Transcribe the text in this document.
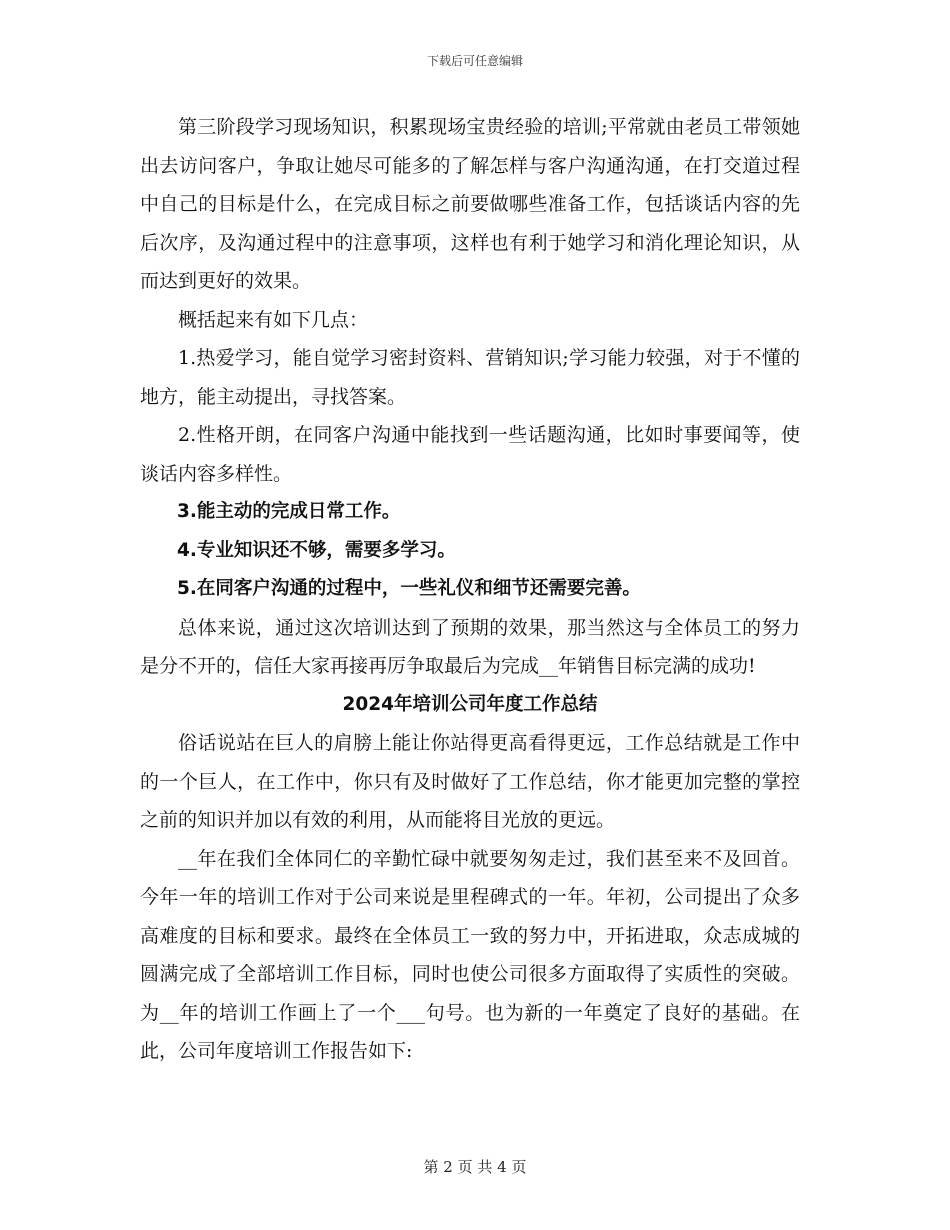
下载后可任意编辑

第三阶段学习现场知识，积累现场宝贵经验的培训;平常就由老员工带领她出去访问客户，争取让她尽可能多的了解怎样与客户沟通沟通，在打交道过程中自己的目标是什么，在完成目标之前要做哪些准备工作，包括谈话内容的先后次序，及沟通过程中的注意事项，这样也有利于她学习和消化理论知识，从而达到更好的效果。

概括起来有如下几点：

1.热爱学习，能自觉学习密封资料、营销知识;学习能力较强，对于不懂的地方，能主动提出，寻找答案。

2.性格开朗，在同客户沟通中能找到一些话题沟通，比如时事要闻等，使谈话内容多样性。

3.能主动的完成日常工作。

4.专业知识还不够，需要多学习。

5.在同客户沟通的过程中，一些礼仪和细节还需要完善。

总体来说，通过这次培训达到了预期的效果，那当然这与全体员工的努力是分不开的，信任大家再接再厉争取最后为完成__年销售目标完满的成功!

2024年培训公司年度工作总结

俗话说站在巨人的肩膀上能让你站得更高看得更远，工作总结就是工作中的一个巨人，在工作中，你只有及时做好了工作总结，你才能更加完整的掌控之前的知识并加以有效的利用，从而能将目光放的更远。

__年在我们全体同仁的辛勤忙碌中就要匆匆走过，我们甚至来不及回首。今年一年的培训工作对于公司来说是里程碑式的一年。年初，公司提出了众多高难度的目标和要求。最终在全体员工一致的努力中，开拓进取，众志成城的圆满完成了全部培训工作目标，同时也使公司很多方面取得了实质性的突破。为__年的培训工作画上了一个___句号。也为新的一年奠定了良好的基础。在此，公司年度培训工作报告如下:

第 2 页 共 4 页
